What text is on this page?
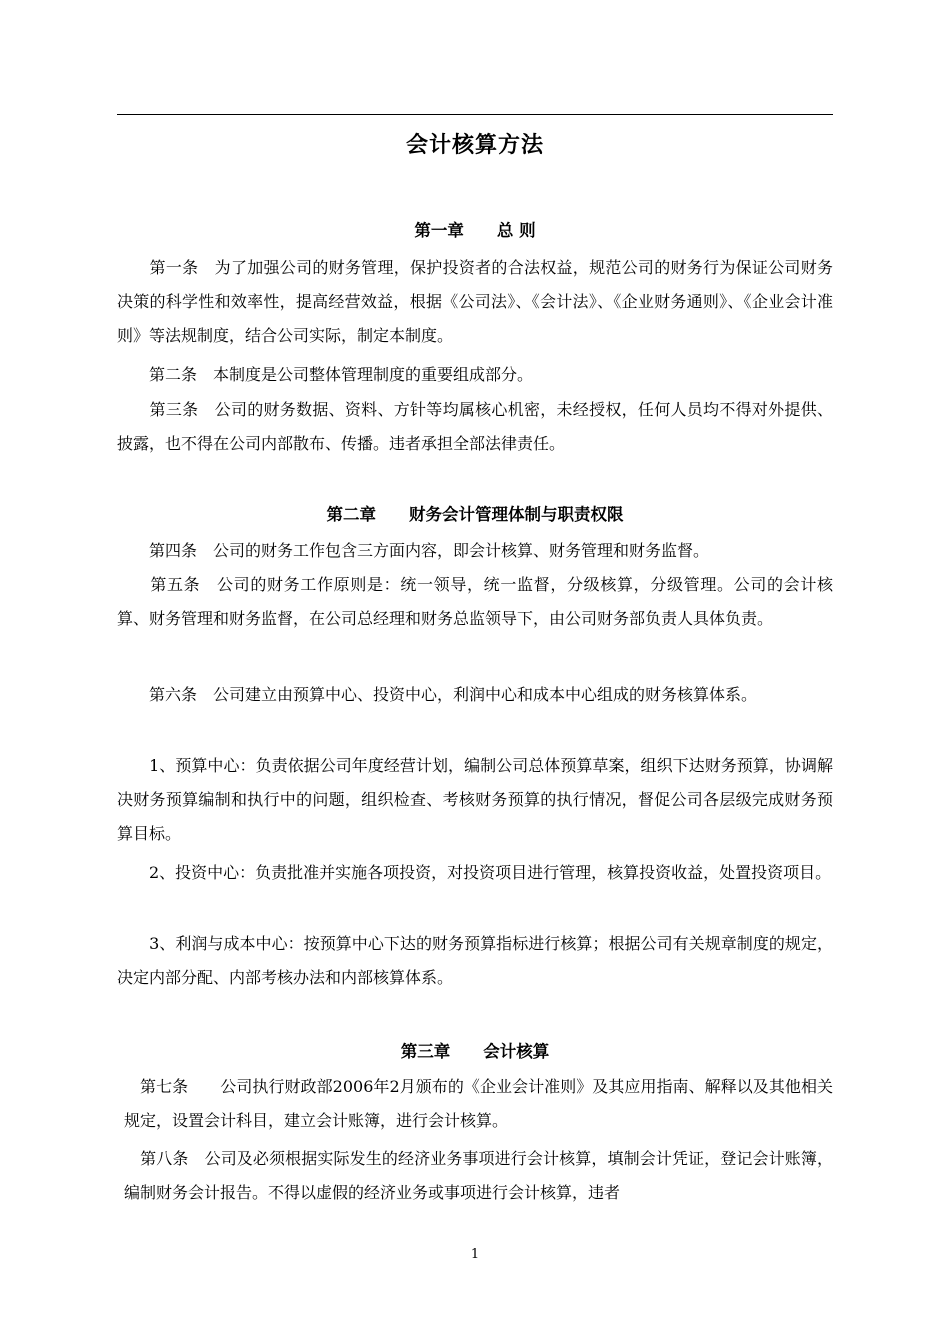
会计核算方法
第一章　　总 则

　　第一条　为了加强公司的财务管理，保护投资者的合法权益，规范公司的财务行为保证公司财务决策的科学性和效率性，提高经营效益，根据《公司法》、《会计法》、《企业财务通则》、《企业会计准则》等法规制度，结合公司实际，制定本制度。

　　第二条　本制度是公司整体管理制度的重要组成部分。

　　第三条　公司的财务数据、资料、方针等均属核心机密，未经授权，任何人员均不得对外提供、披露，也不得在公司内部散布、传播。违者承担全部法律责任。

第二章　　财务会计管理体制与职责权限

　　第四条　公司的财务工作包含三方面内容，即会计核算、财务管理和财务监督。

　　第五条　公司的财务工作原则是：统一领导，统一监督，分级核算，分级管理。公司的会计核算、财务管理和财务监督，在公司总经理和财务总监领导下，由公司财务部负责人具体负责。

　　第六条　公司建立由预算中心、投资中心，利润中心和成本中心组成的财务核算体系。

　　1、预算中心：负责依据公司年度经营计划，编制公司总体预算草案，组织下达财务预算，协调解决财务预算编制和执行中的问题，组织检查、考核财务预算的执行情况，督促公司各层级完成财务预算目标。

　　2、投资中心：负责批准并实施各项投资，对投资项目进行管理，核算投资收益，处置投资项目。

　　3、利润与成本中心：按预算中心下达的财务预算指标进行核算；根据公司有关规章制度的规定，决定内部分配、内部考核办法和内部核算体系。

第三章　　会计核算

　第七条　　公司执行财政部2006年2月颁布的《企业会计准则》及其应用指南、解释以及其他相关规定，设置会计科目，建立会计账簿，进行会计核算。

　第八条　公司及必须根据实际发生的经济业务事项进行会计核算，填制会计凭证，登记会计账簿，编制财务会计报告。不得以虚假的经济业务或事项进行会计核算，违者

1
